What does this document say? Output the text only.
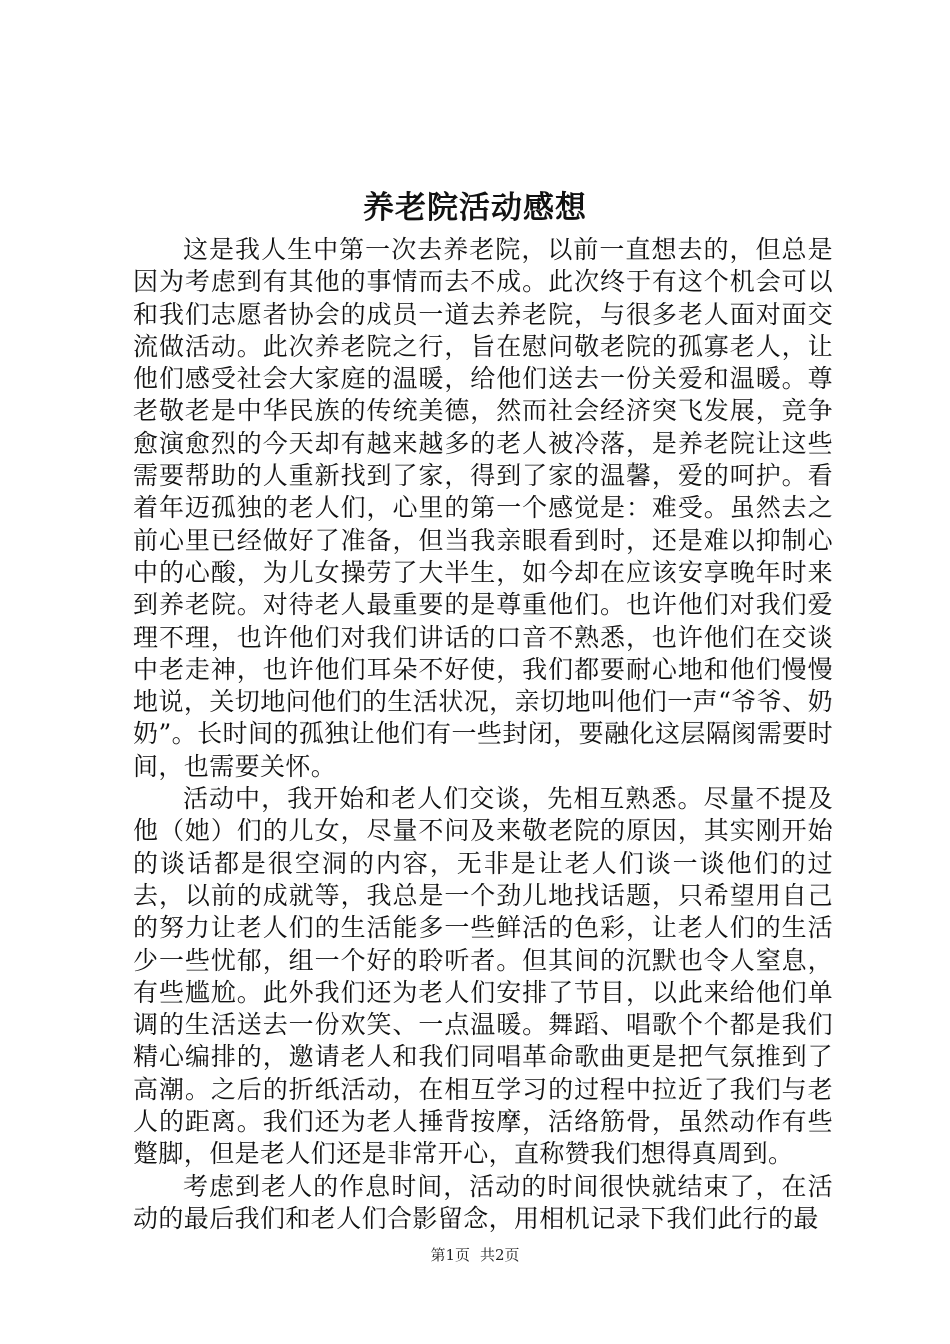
养老院活动感想

这是我人生中第一次去养老院，以前一直想去的，但总是因为考虑到有其他的事情而去不成。此次终于有这个机会可以和我们志愿者协会的成员一道去养老院，与很多老人面对面交流做活动。此次养老院之行，旨在慰问敬老院的孤寡老人，让他们感受社会大家庭的温暖，给他们送去一份关爱和温暖。尊老敬老是中华民族的传统美德，然而社会经济突飞发展，竞争愈演愈烈的今天却有越来越多的老人被冷落，是养老院让这些需要帮助的人重新找到了家，得到了家的温馨，爱的呵护。看着年迈孤独的老人们，心里的第一个感觉是：难受。虽然去之前心里已经做好了准备，但当我亲眼看到时，还是难以抑制心中的心酸，为儿女操劳了大半生，如今却在应该安享晚年时来到养老院。对待老人最重要的是尊重他们。也许他们对我们爱理不理，也许他们对我们讲话的口音不熟悉，也许他们在交谈中老走神，也许他们耳朵不好使，我们都要耐心地和他们慢慢地说，关切地问他们的生活状况，亲切地叫他们一声“爷爷、奶奶”。长时间的孤独让他们有一些封闭，要融化这层隔阂需要时间，也需要关怀。

活动中，我开始和老人们交谈，先相互熟悉。尽量不提及他（她）们的儿女，尽量不问及来敬老院的原因，其实刚开始的谈话都是很空洞的内容，无非是让老人们谈一谈他们的过去，以前的成就等，我总是一个劲儿地找话题，只希望用自己的努力让老人们的生活能多一些鲜活的色彩，让老人们的生活少一些忧郁，组一个好的聆听者。但其间的沉默也令人窒息，有些尴尬。此外我们还为老人们安排了节目，以此来给他们单调的生活送去一份欢笑、一点温暖。舞蹈、唱歌个个都是我们精心编排的，邀请老人和我们同唱革命歌曲更是把气氛推到了高潮。之后的折纸活动，在相互学习的过程中拉近了我们与老人的距离。我们还为老人捶背按摩，活络筋骨，虽然动作有些蹩脚，但是老人们还是非常开心，直称赞我们想得真周到。

考虑到老人的作息时间，活动的时间很快就结束了，在活动的最后我们和老人们合影留念，用相机记录下我们此行的最

第1页 共2页
